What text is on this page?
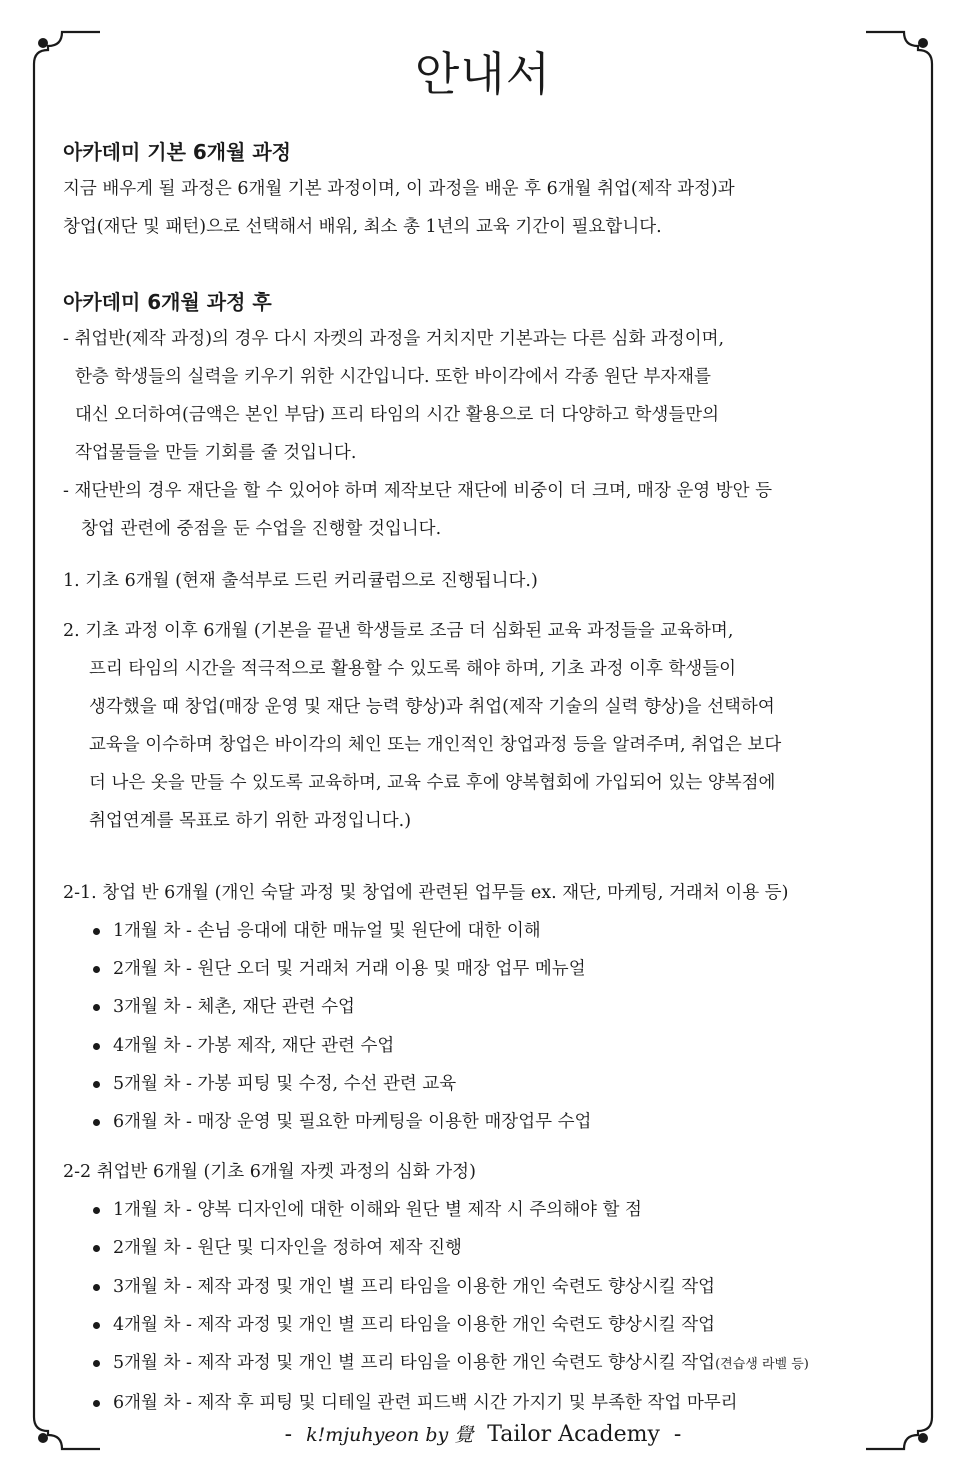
안내서

아카데미 기본 6개월 과정

지금 배우게 될 과정은 6개월 기본 과정이며, 이 과정을 배운 후 6개월 취업(제작 과정)과

창업(재단 및 패턴)으로 선택해서 배워, 최소 총 1년의 교육 기간이 필요합니다.

아카데미 6개월 과정 후

- 취업반(제작 과정)의 경우 다시 자켓의 과정을 거치지만 기본과는 다른 심화 과정이며,

한층 학생들의 실력을 키우기 위한 시간입니다. 또한 바이각에서 각종 원단 부자재를

대신 오더하여(금액은 본인 부담) 프리 타임의 시간 활용으로 더 다양하고 학생들만의

작업물들을 만들 기회를 줄 것입니다.

- 재단반의 경우 재단을 할 수 있어야 하며 제작보단 재단에 비중이 더 크며, 매장 운영 방안 등

창업 관련에 중점을 둔 수업을 진행할 것입니다.

1. 기초 6개월 (현재 출석부로 드린 커리큘럼으로 진행됩니다.)

2. 기초 과정 이후 6개월 (기본을 끝낸 학생들로 조금 더 심화된 교육 과정들을 교육하며,

프리 타임의 시간을 적극적으로 활용할 수 있도록 해야 하며, 기초 과정 이후 학생들이

생각했을 때 창업(매장 운영 및 재단 능력 향상)과 취업(제작 기술의 실력 향상)을 선택하여

교육을 이수하며 창업은 바이각의 체인 또는 개인적인 창업과정 등을 알려주며, 취업은 보다

더 나은 옷을 만들 수 있도록 교육하며, 교육 수료 후에 양복협회에 가입되어 있는 양복점에

취업연계를 목표로 하기 위한 과정입니다.)

2-1. 창업 반 6개월 (개인 숙달 과정 및 창업에 관련된 업무들 ex. 재단, 마케팅, 거래처 이용 등)

1개월 차 - 손님 응대에 대한 매뉴얼 및 원단에 대한 이해

2개월 차 - 원단 오더 및 거래처 거래 이용 및 매장 업무 메뉴얼

3개월 차 - 체촌, 재단 관련 수업

4개월 차 - 가봉 제작, 재단 관련 수업

5개월 차 - 가봉 피팅 및 수정, 수선 관련 교육

6개월 차 - 매장 운영 및 필요한 마케팅을 이용한 매장업무 수업

2-2 취업반 6개월 (기초 6개월 자켓 과정의 심화 가정)

1개월 차 - 양복 디자인에 대한 이해와 원단 별 제작 시 주의해야 할 점

2개월 차 - 원단 및 디자인을 정하여 제작 진행

3개월 차 - 제작 과정 및 개인 별 프리 타임을 이용한 개인 숙련도 향상시킬 작업

4개월 차 - 제작 과정 및 개인 별 프리 타임을 이용한 개인 숙련도 향상시킬 작업

5개월 차 - 제작 과정 및 개인 별 프리 타임을 이용한 개인 숙련도 향상시킬 작업(견습생 라벨 등)

6개월 차 - 제작 후 피팅 및 디테일 관련 피드백 시간 가지기 및 부족한 작업 마무리

- k!mjuhyeon by 覺 Tailor Academy -
